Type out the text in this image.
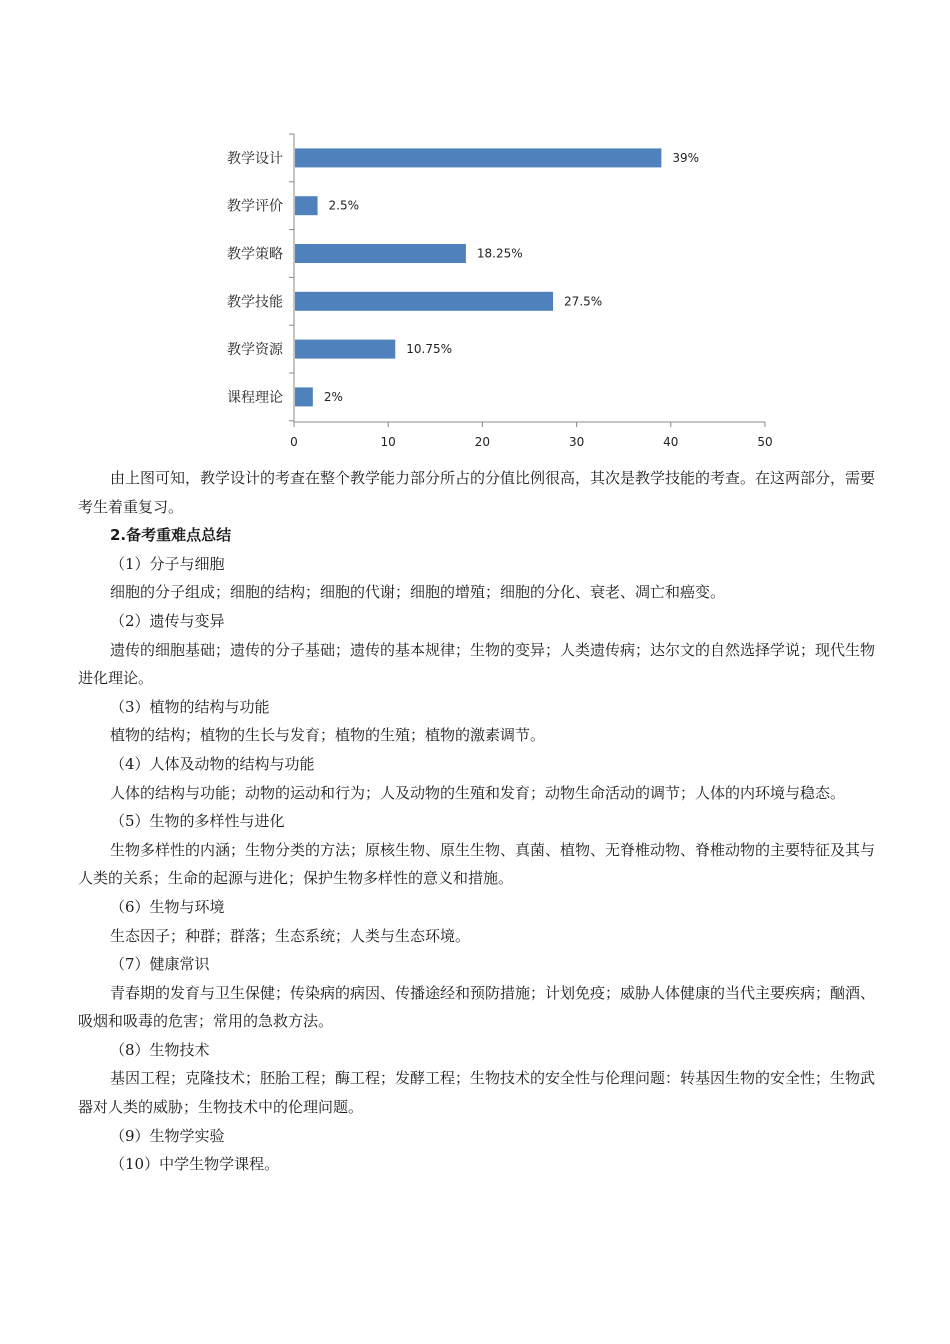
0	10	20	30	40	50
教学设计	39%
教学评价	2.5%
教学策略	18.25%
教学技能	27.5%
教学资源	10.75%
课程理论	2%

由上图可知，教学设计的考查在整个教学能力部分所占的分值比例很高，其次是教学技能的考查。在这两部分，需要考生着重复习。

2.备考重难点总结

（1）分子与细胞

细胞的分子组成；细胞的结构；细胞的代谢；细胞的增殖；细胞的分化、衰老、凋亡和癌变。

（2）遗传与变异

遗传的细胞基础；遗传的分子基础；遗传的基本规律；生物的变异；人类遗传病；达尔文的自然选择学说；现代生物进化理论。

（3）植物的结构与功能

植物的结构；植物的生长与发育；植物的生殖；植物的激素调节。

（4）人体及动物的结构与功能

人体的结构与功能；动物的运动和行为；人及动物的生殖和发育；动物生命活动的调节；人体的内环境与稳态。

（5）生物的多样性与进化

生物多样性的内涵；生物分类的方法；原核生物、原生生物、真菌、植物、无脊椎动物、脊椎动物的主要特征及其与人类的关系；生命的起源与进化；保护生物多样性的意义和措施。

（6）生物与环境

生态因子；种群；群落；生态系统；人类与生态环境。

（7）健康常识

青春期的发育与卫生保健；传染病的病因、传播途经和预防措施；计划免疫；威胁人体健康的当代主要疾病；酗酒、吸烟和吸毒的危害；常用的急救方法。

（8）生物技术

基因工程；克隆技术；胚胎工程；酶工程；发酵工程；生物技术的安全性与伦理问题：转基因生物的安全性；生物武器对人类的威胁；生物技术中的伦理问题。

（9）生物学实验

（10）中学生物学课程。
